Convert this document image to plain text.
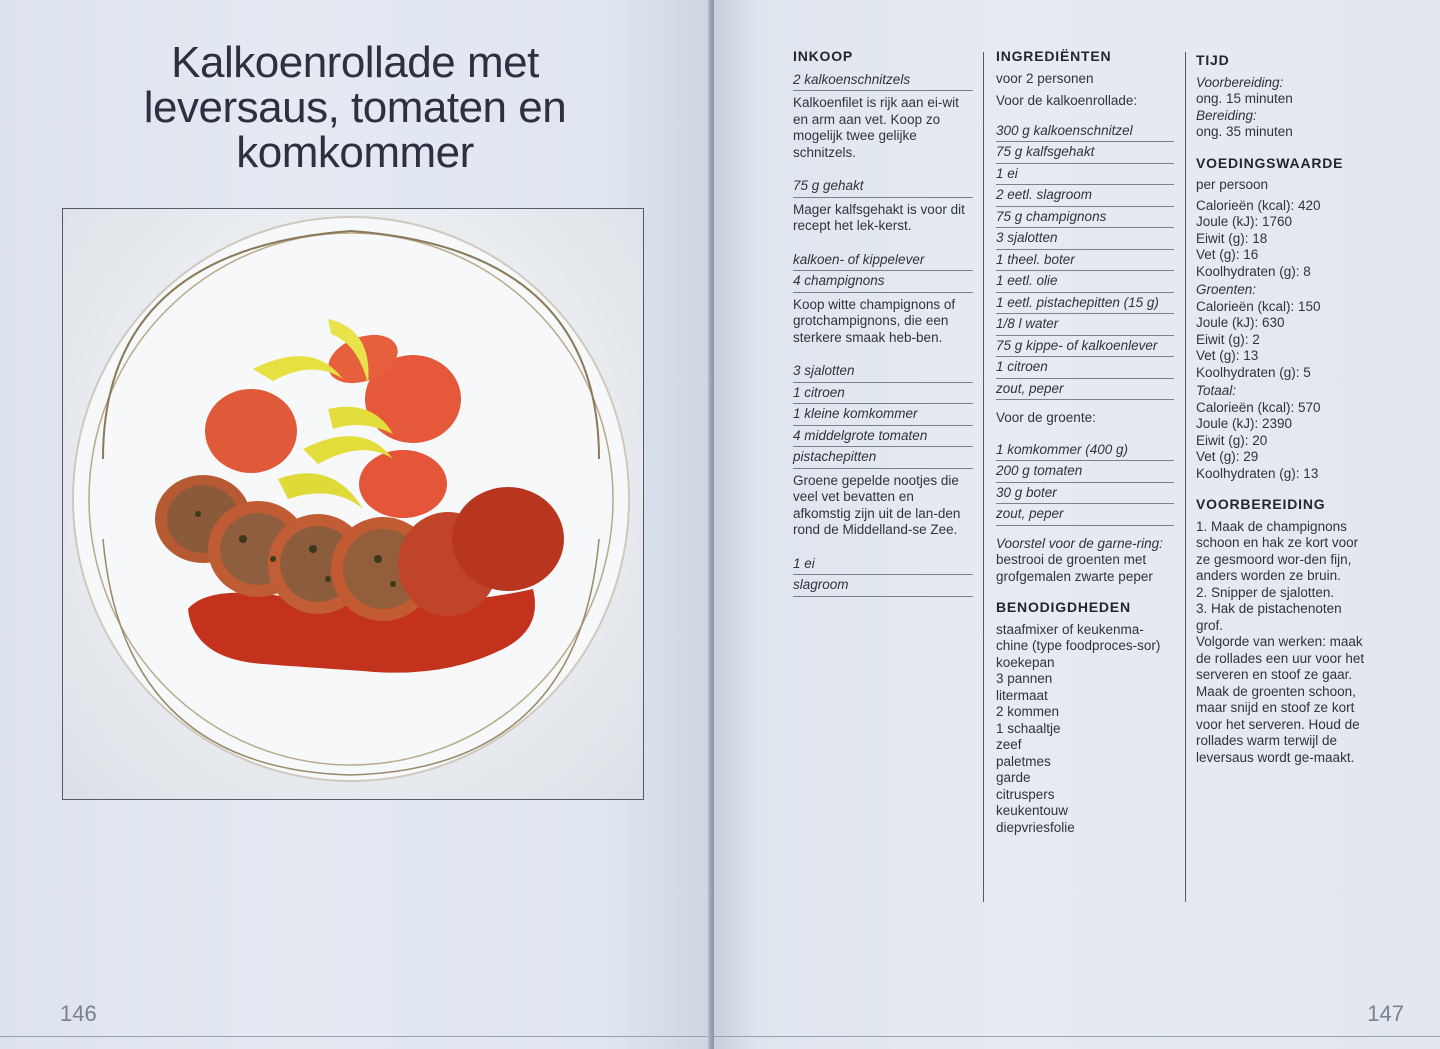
Kalkoenrollade met
leversaus, tomaten en
komkommer
146	147
INKOOP
2 kalkoenschnitzels
Kalkoenfilet is rijk aan ei-wit en arm aan vet. Koop zo mogelijk twee gelijke schnitzels.
75 g gehakt
Mager kalfsgehakt is voor dit recept het lek-kerst.
kalkoen- of kippelever
4 champignons
Koop witte champignons of grotchampignons, die een sterkere smaak heb-ben.
3 sjalotten
1 citroen
1 kleine komkommer
4 middelgrote tomaten
pistachepitten
Groene gepelde nootjes die veel vet bevatten en afkomstig zijn uit de lan-den rond de Middelland-se Zee.
1 ei
slagroom
INGREDIËNTEN
voor 2 personen
Voor de kalkoenrollade:
300 g kalkoenschnitzel
75 g kalfsgehakt
1 ei
2 eetl. slagroom
75 g champignons
3 sjalotten
1 theel. boter
1 eetl. olie
1 eetl. pistachepitten (15 g)
1/8 l water
75 g kippe- of kalkoenlever
1 citroen
zout, peper
Voor de groente:
1 komkommer (400 g)
200 g tomaten
30 g boter
zout, peper
Voorstel voor de garne-ring:
bestrooi de groenten met grofgemalen zwarte peper
BENODIGDHEDEN
staafmixer of keukenma-chine (type foodproces-sor)
koekepan
3 pannen
litermaat
2 kommen
1 schaaltje
zeef
paletmes
garde
citruspers
keukentouw
diepvriesfolie
TIJD
Voorbereiding:
ong. 15 minuten
Bereiding:
ong. 35 minuten
VOEDINGSWAARDE
per persoon
Calorieën (kcal): 420
Joule (kJ): 1760
Eiwit (g): 18
Vet (g): 16
Koolhydraten (g): 8
Groenten:
Calorieën (kcal): 150
Joule (kJ): 630
Eiwit (g): 2
Vet (g): 13
Koolhydraten (g): 5
Totaal:
Calorieën (kcal): 570
Joule (kJ): 2390
Eiwit (g): 20
Vet (g): 29
Koolhydraten (g): 13
VOORBEREIDING
1. Maak de champignons schoon en hak ze kort voor ze gesmoord wor-den fijn, anders worden ze bruin.
2. Snipper de sjalotten.
3. Hak de pistachenoten grof.
Volgorde van werken: maak de rollades een uur voor het serveren en stoof ze gaar. Maak de groenten schoon, maar snijd en stoof ze kort voor het serveren. Houd de rollades warm terwijl de leversaus wordt ge-maakt.
